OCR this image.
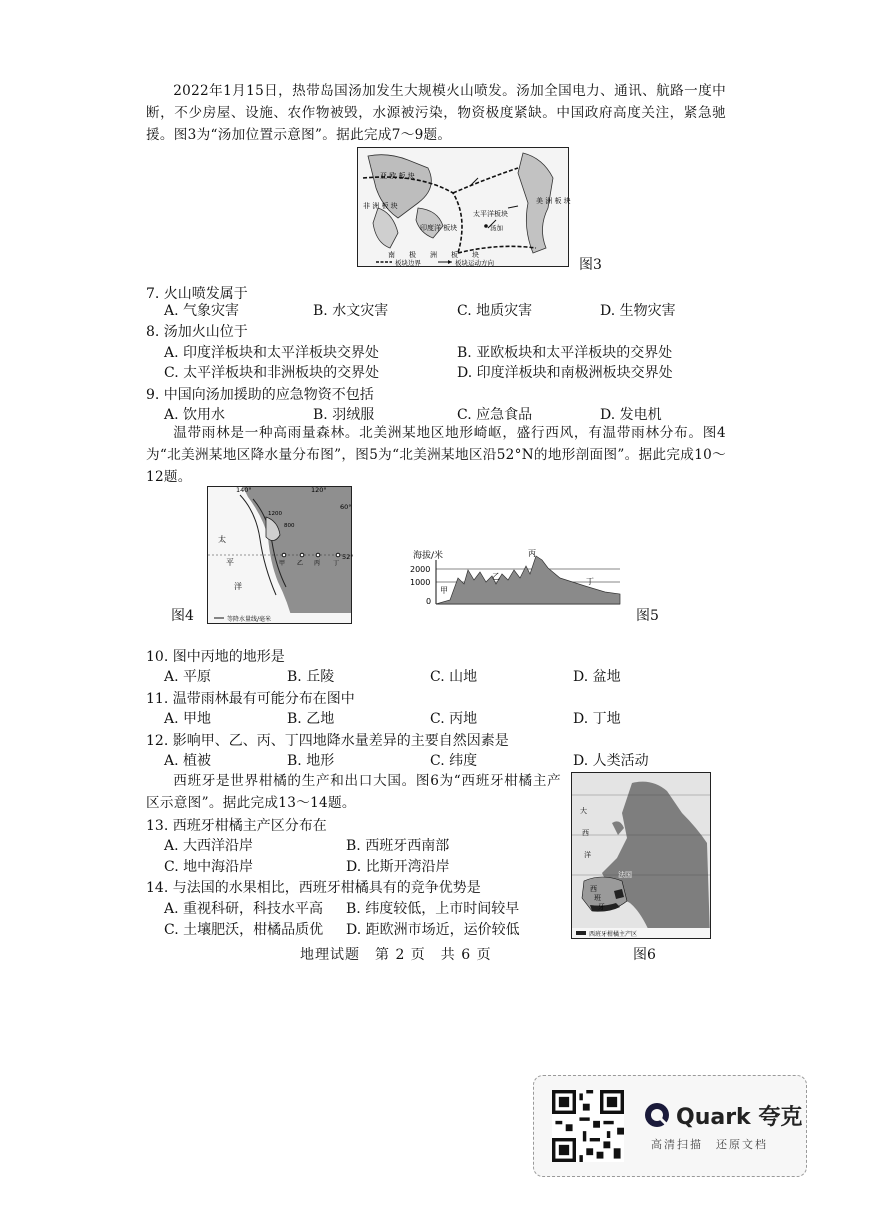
2022年1月15日，热带岛国汤加发生大规模火山喷发。汤加全国电力、通讯、航路一度中断，不少房屋、设施、农作物被毁，水源被污染，物资极度紧缺。中国政府高度关注，紧急驰援。图3为“汤加位置示意图”。据此完成7～9题。
亚 欧 板 块
非 洲 板 块
印度洋 板块
太平洋板块
汤加
美 洲 板 块
南　　极　　洲　　板　　块
板块边界	板块运动方向	图3
7. 火山喷发属于
A. 气象灾害	B. 水文灾害	C. 地质灾害	D. 生物灾害
8. 汤加火山位于
A. 印度洋板块和太平洋板块交界处	B. 亚欧板块和太平洋板块的交界处
C. 太平洋板块和非洲板块的交界处	D. 印度洋板块和南极洲板块交界处
9. 中国向汤加援助的应急物资不包括
A. 饮用水	B. 羽绒服	C. 应急食品	D. 发电机
温带雨林是一种高雨量森林。北美洲某地区地形崎岖，盛行西风，有温带雨林分布。图4为“北美洲某地区降水量分布图”，图5为“北美洲某地区沿52°N的地形剖面图”。据此完成10～12题。
140°	120°
60°
52°
1200
800
太
平
洋
甲 乙 丙 丁
等降水量线/毫米
图4
海拔/米
2000
1000
0
甲
乙
丙
丁
图5
10. 图中丙地的地形是
A. 平原	B. 丘陵	C. 山地	D. 盆地
11. 温带雨林最有可能分布在图中
A. 甲地	B. 乙地	C. 丙地	D. 丁地
12. 影响甲、乙、丙、丁四地降水量差异的主要自然因素是
A. 植被	B. 地形	C. 纬度	D. 人类活动
西班牙是世界柑橘的生产和出口大国。图6为“西班牙柑橘主产区示意图”。据此完成13～14题。	大
西
洋
法国
西
班
牙
西班牙柑橘主产区
图6
13. 西班牙柑橘主产区分布在
A. 大西洋沿岸	B. 西班牙西南部
C. 地中海沿岸	D. 比斯开湾沿岸
14. 与法国的水果相比，西班牙柑橘具有的竞争优势是
A. 重视科研，科技水平高 B. 纬度较低，上市时间较早
C. 土壤肥沃，柑橘品质优 D. 距欧洲市场近，运价较低
地理试题　第 2 页　共 6 页
Quark 夸克
高清扫描　还原文档
